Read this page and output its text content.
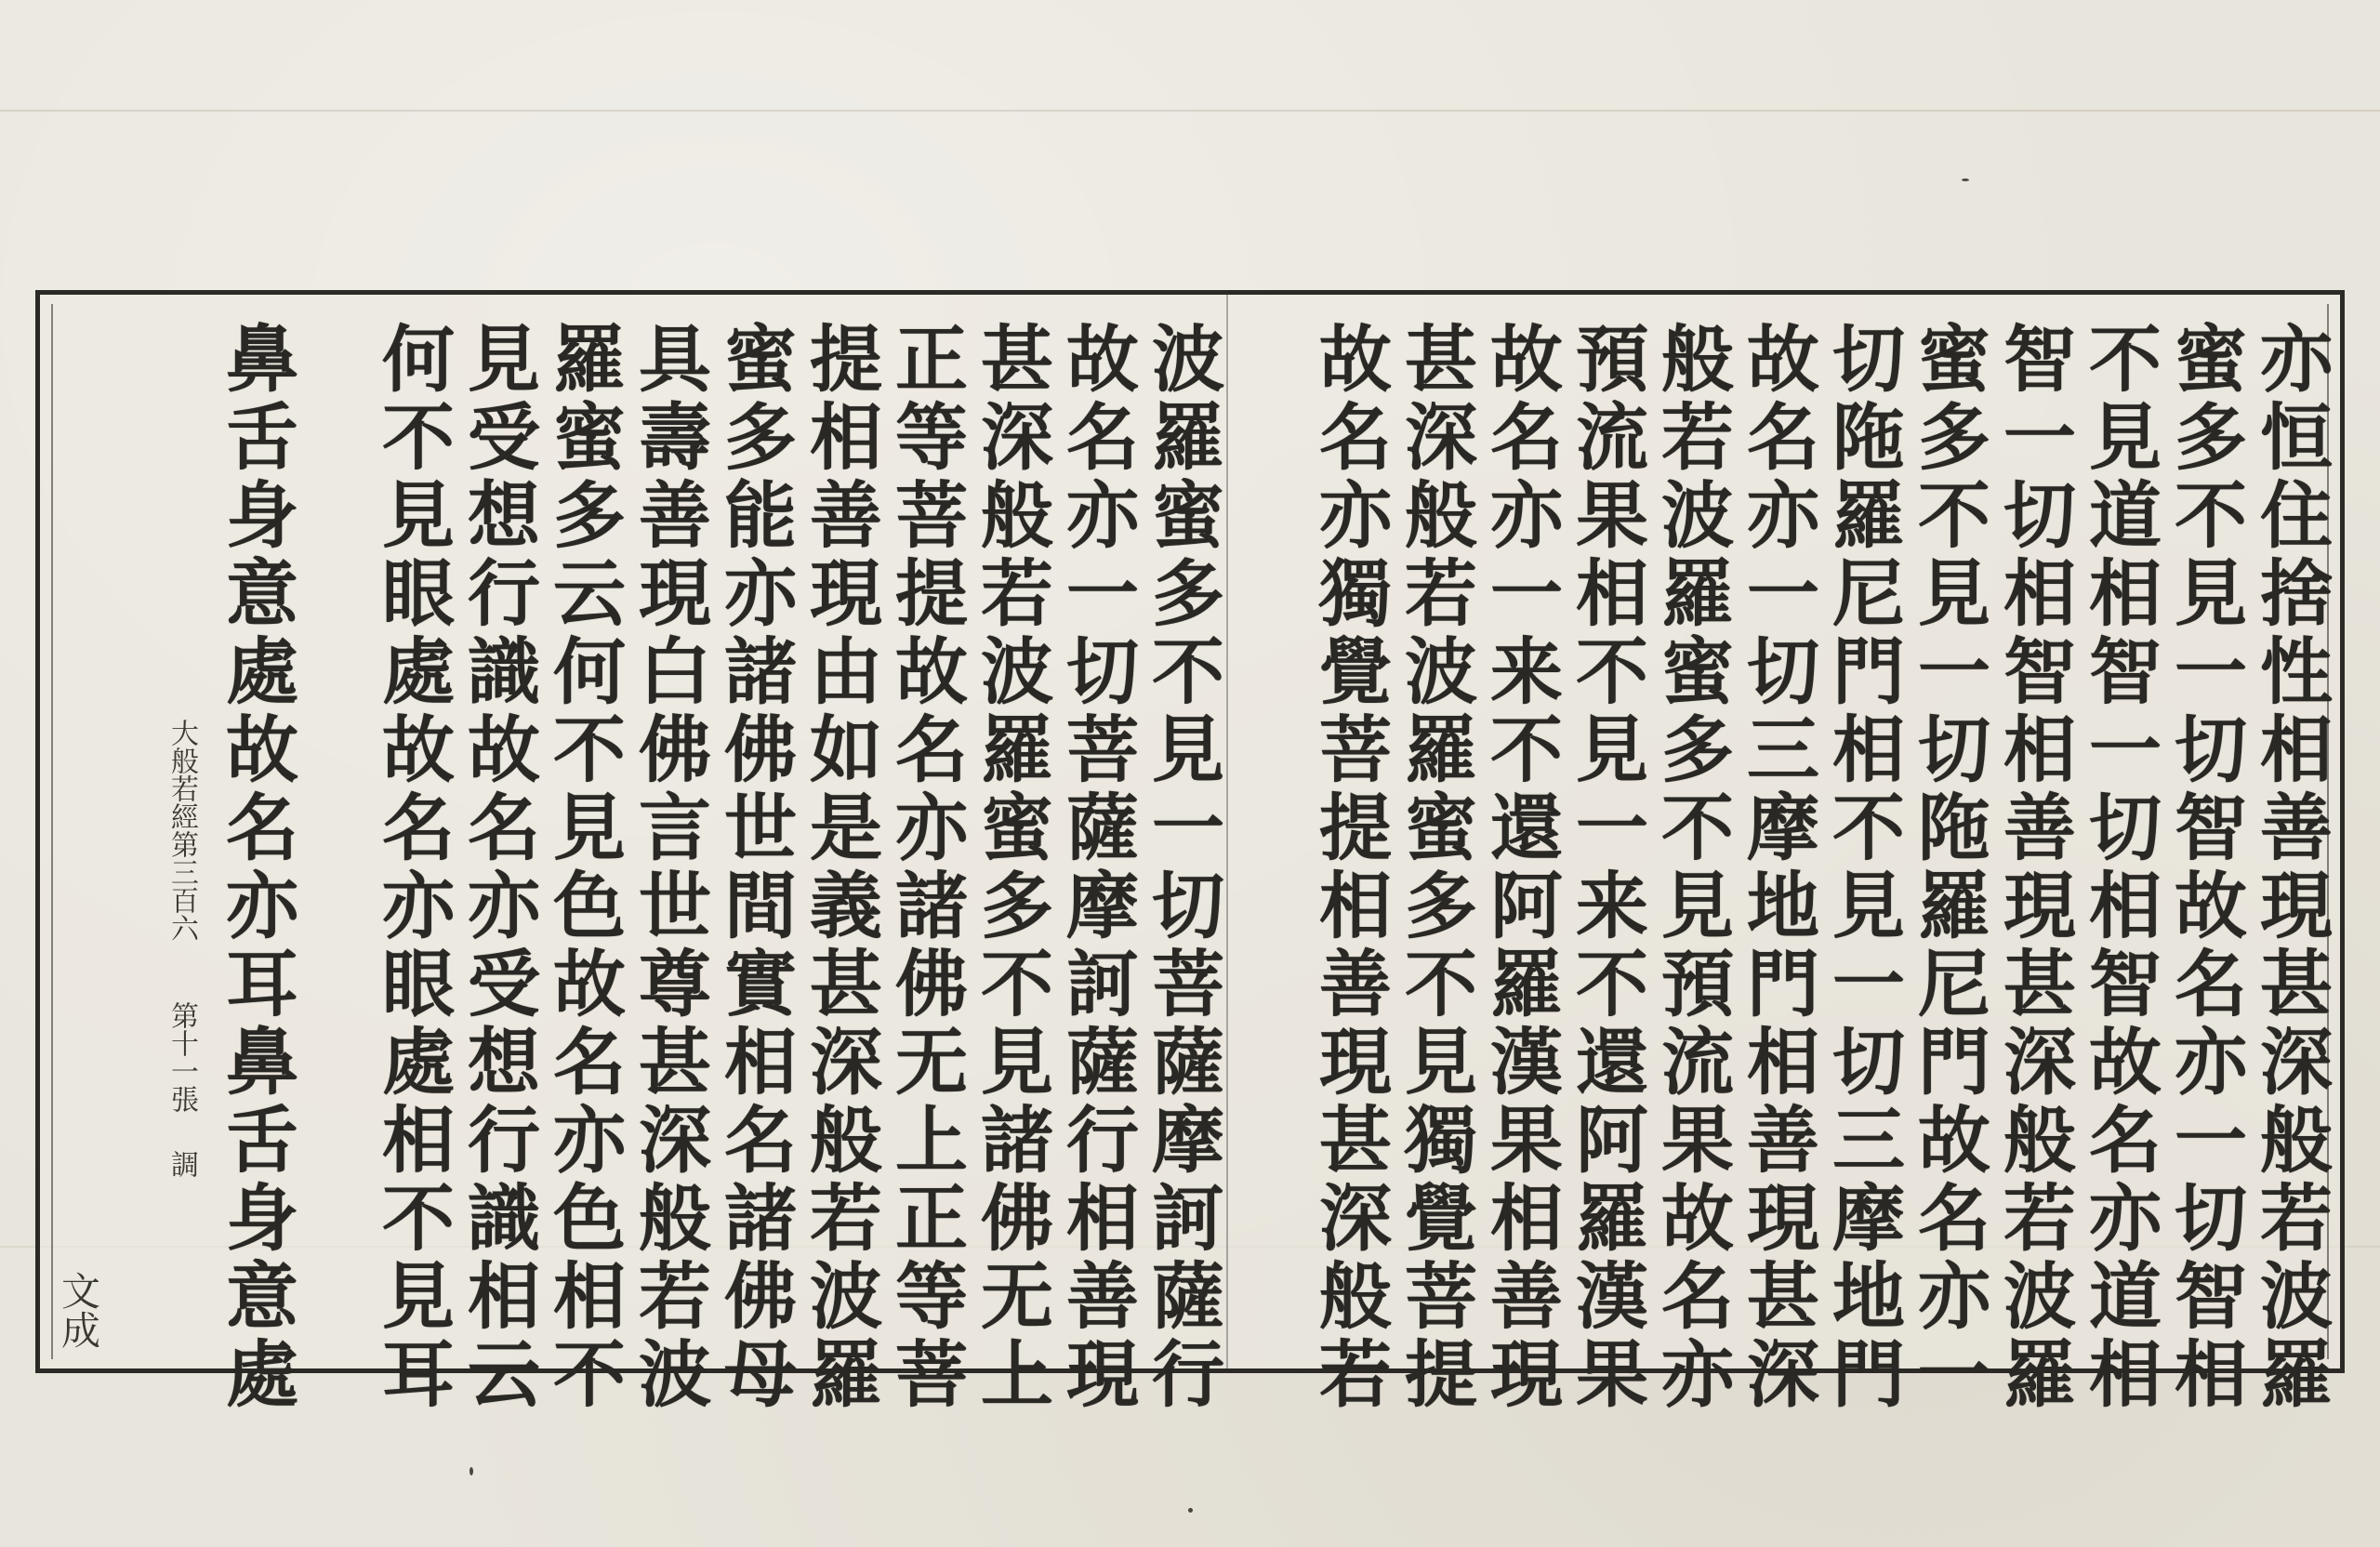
亦恒住捨性相善現甚深般若波羅
蜜多不見一切智故名亦一切智相
不見道相智一切相智故名亦道相
智一切相智相善現甚深般若波羅
蜜多不見一切陁羅尼門故名亦一
切陁羅尼門相不見一切三摩地門
故名亦一切三摩地門相善現甚深
般若波羅蜜多不見預流果故名亦
預流果相不見一来不還阿羅漢果
故名亦一来不還阿羅漢果相善現
甚深般若波羅蜜多不見獨覺菩提
故名亦獨覺菩提相善現甚深般若
波羅蜜多不見一切菩薩摩訶薩行
故名亦一切菩薩摩訶薩行相善現
甚深般若波羅蜜多不見諸佛无上
正等菩提故名亦諸佛无上正等菩
提相善現由如是義甚深般若波羅
蜜多能亦諸佛世間實相名諸佛母
具壽善現白佛言世尊甚深般若波
羅蜜多云何不見色故名亦色相不
見受想行識故名亦受想行識相云
何不見眼處故名亦眼處相不見耳
鼻舌身意處故名亦耳鼻舌身意處
大般若經第三百六
第十一張
調
文成
